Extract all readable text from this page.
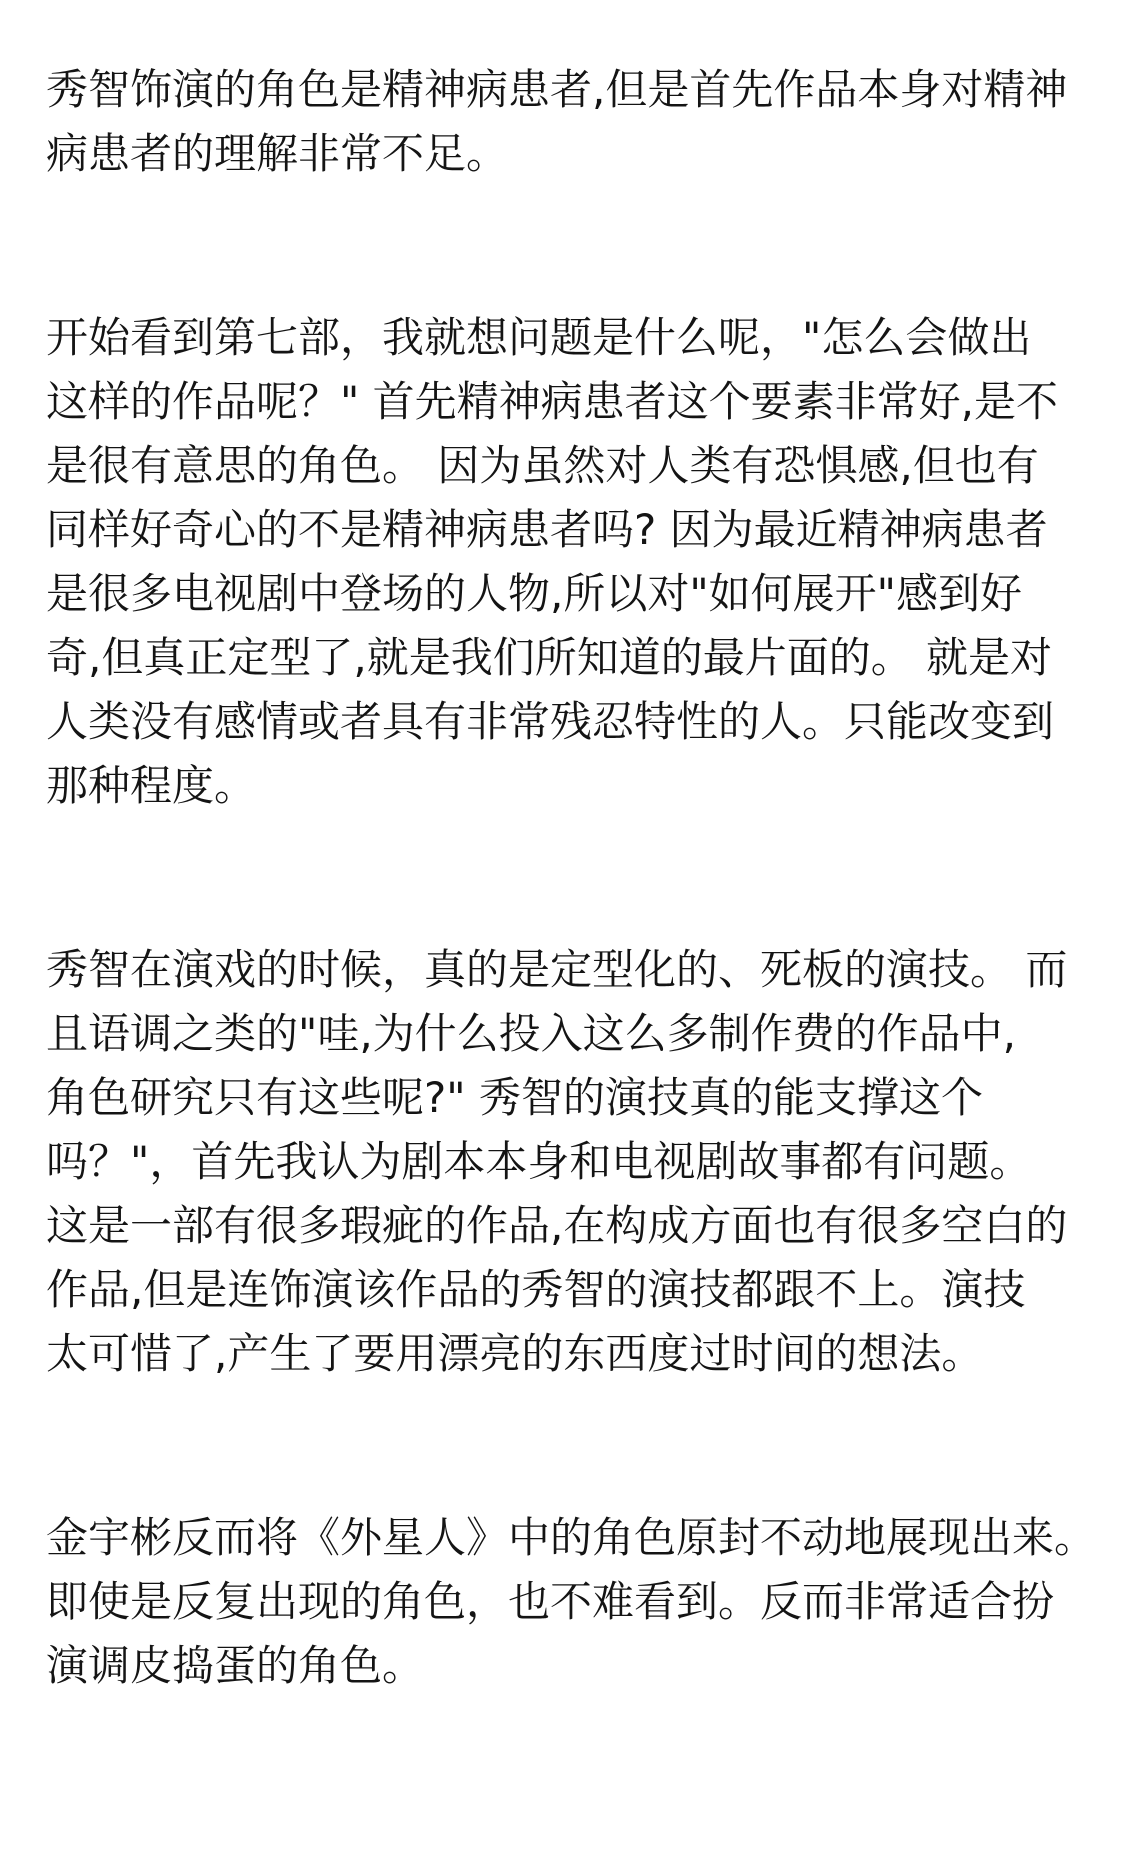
秀智饰演的角色是精神病患者,但是首先作品本身对精神
病患者的理解非常不足。

开始看到第七部，我就想问题是什么呢，"怎么会做出
这样的作品呢？" 首先精神病患者这个要素非常好,是不
是很有意思的角色。 因为虽然对人类有恐惧感,但也有
同样好奇心的不是精神病患者吗? 因为最近精神病患者
是很多电视剧中登场的人物,所以对"如何展开"感到好
奇,但真正定型了,就是我们所知道的最片面的。 就是对
人类没有感情或者具有非常残忍特性的人。只能改变到
那种程度。

秀智在演戏的时候，真的是定型化的、死板的演技。 而
且语调之类的"哇,为什么投入这么多制作费的作品中,
角色研究只有这些呢?" 秀智的演技真的能支撑这个
吗？"，首先我认为剧本本身和电视剧故事都有问题。
这是一部有很多瑕疵的作品,在构成方面也有很多空白的
作品,但是连饰演该作品的秀智的演技都跟不上。演技
太可惜了,产生了要用漂亮的东西度过时间的想法。

金宇彬反而将《外星人》中的角色原封不动地展现出来。
即使是反复出现的角色，也不难看到。反而非常适合扮
演调皮捣蛋的角色。
